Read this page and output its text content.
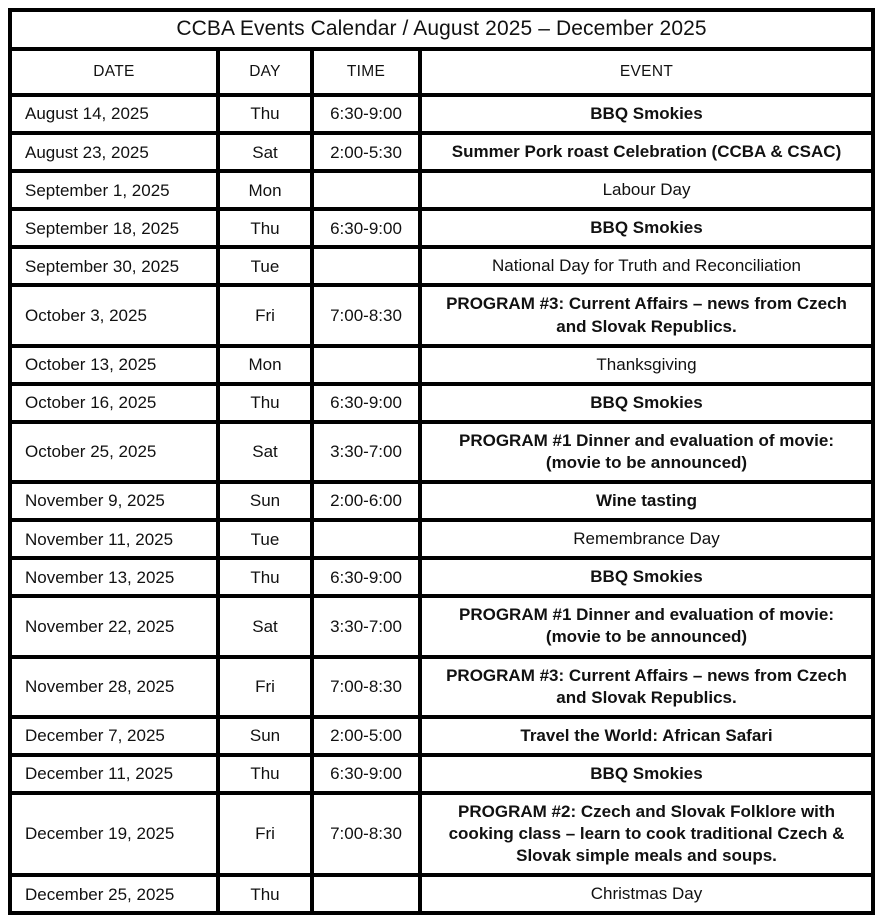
CCBA Events Calendar / August 2025 – December 2025			
DATE	DAY	TIME	EVENT
August 14, 2025	Thu	6:30-9:00	BBQ Smokies
August 23, 2025	Sat	2:00-5:30	Summer Pork roast Celebration (CCBA & CSAC)
September 1, 2025	Mon		Labour Day
September 18, 2025	Thu	6:30-9:00	BBQ Smokies
September 30, 2025	Tue		National Day for Truth and Reconciliation
October 3, 2025	Fri	7:00-8:30	PROGRAM #3: Current Affairs – news from Czech and Slovak Republics.
October 13, 2025	Mon		Thanksgiving
October 16, 2025	Thu	6:30-9:00	BBQ Smokies
October 25, 2025	Sat	3:30-7:00	PROGRAM #1 Dinner and evaluation of movie: (movie to be announced)
November 9, 2025	Sun	2:00-6:00	Wine tasting
November 11, 2025	Tue		Remembrance Day
November 13, 2025	Thu	6:30-9:00	BBQ Smokies
November 22, 2025	Sat	3:30-7:00	PROGRAM #1 Dinner and evaluation of movie: (movie to be announced)
November 28, 2025	Fri	7:00-8:30	PROGRAM #3: Current Affairs – news from Czech and Slovak Republics.
December 7, 2025	Sun	2:00-5:00	Travel the World: African Safari
December 11, 2025	Thu	6:30-9:00	BBQ Smokies
December 19, 2025	Fri	7:00-8:30	PROGRAM #2: Czech and Slovak Folklore with cooking class – learn to cook traditional Czech & Slovak simple meals and soups.
December 25, 2025	Thu		Christmas Day
